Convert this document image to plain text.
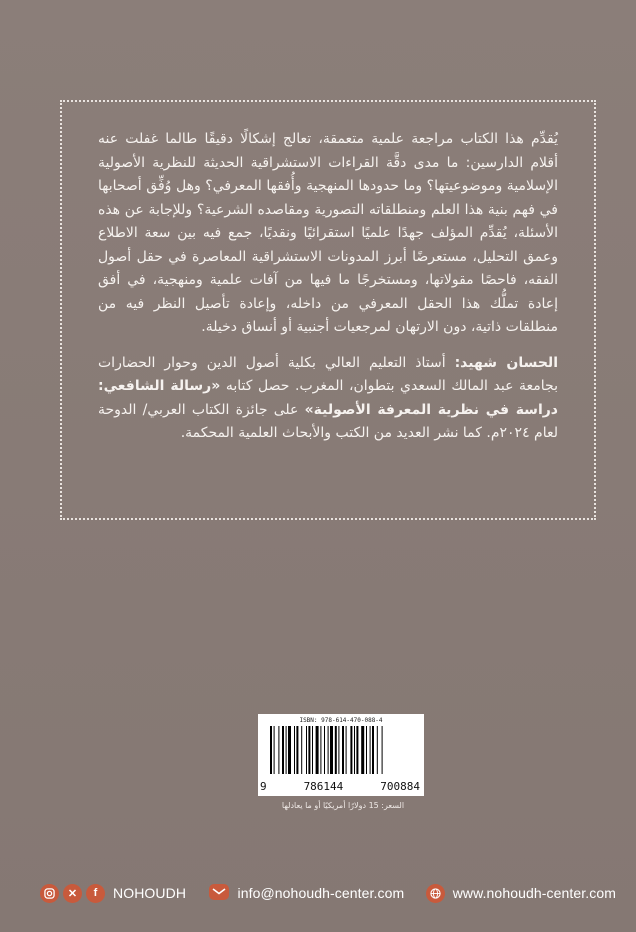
يُقدِّم هذا الكتاب مراجعة علمية متعمقة، تعالج إشكالًا دقيقًا طالما غفلت عنه أقلام الدارسين: ما مدى دقَّة القراءات الاستشراقية الحديثة للنظرية الأصولية الإسلامية وموضوعيتها؟ وما حدودها المنهجية وأُفقها المعرفي؟ وهل وُفِّق أصحابها في فهم بنية هذا العلم ومنطلقاته التصورية ومقاصده الشرعية؟ وللإجابة عن هذه الأسئلة، يُقدِّم المؤلف جهدًا علميًا استقرائيًا ونقديًا، جمع فيه بين سعة الاطلاع وعمق التحليل، مستعرضًا أبرز المدونات الاستشراقية المعاصرة في حقل أصول الفقه، فاحصًا مقولاتها، ومستخرجًا ما فيها من آفات علمية ومنهجية، في أفق إعادة تملُّك هذا الحقل المعرفي من داخله، وإعادة تأصيل النظر فيه من منطلقات ذاتية، دون الارتهان لمرجعيات أجنبية أو أنساق دخيلة.

الحسان شهيد: أستاذ التعليم العالي بكلية أصول الدين وحوار الحضارات بجامعة عبد المالك السعدي بتطوان، المغرب. حصل كتابه «رسالة الشافعي: دراسة في نظرية المعرفة الأصولية» على جائزة الكتاب العربي/ الدوحة لعام ٢٠٢٤م. كما نشر العديد من الكتب والأبحاث العلمية المحكمة.

ISBN: 978-614-470-088-4
9	786144	700884
السعر: 15 دولارًا أمريكيًا أو ما يعادلها
✕	f	NOHOUDH	info@nohoudh-center.com	www.nohoudh-center.com
